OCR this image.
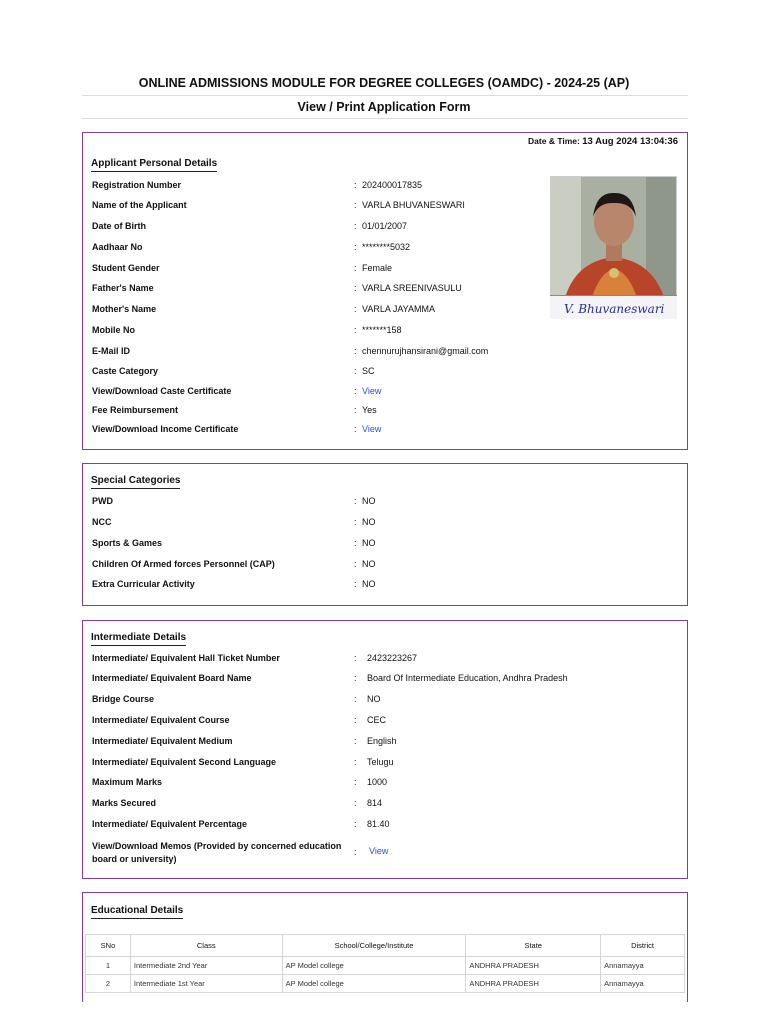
ONLINE ADMISSIONS MODULE FOR DEGREE COLLEGES (OAMDC) - 2024-25 (AP)
View / Print Application Form
Date & Time: 13 Aug 2024 13:04:36
Applicant Personal Details
Registration Number	: 202400017835
Name of the Applicant	: VARLA BHUVANESWARI
Date of Birth	: 01/01/2007
Aadhaar No	: ********5032
Student Gender	: Female
Father's Name	: VARLA SREENIVASULU
Mother's Name	: VARLA JAYAMMA
Mobile No	: *******158
E-Mail ID	: chennurujhansirani@gmail.com
Caste Category	: SC
View/Download Caste Certificate	: View
Fee Reimbursement	: Yes
View/Download Income Certificate	: View
V. Bhuvaneswari
Special Categories
PWD	: NO
NCC	: NO
Sports & Games	: NO
Children Of Armed forces Personnel (CAP)	: NO
Extra Curricular Activity	: NO
Intermediate Details
Intermediate/ Equivalent Hall Ticket Number	: 2423223267
Intermediate/ Equivalent Board Name	: Board Of Intermediate Education, Andhra Pradesh
Bridge Course	: NO
Intermediate/ Equivalent Course	: CEC
Intermediate/ Equivalent Medium	: English
Intermediate/ Equivalent Second Language	: Telugu
Maximum Marks	: 1000
Marks Secured	: 814
Intermediate/ Equivalent Percentage	: 81.40
View/Download Memos (Provided by concerned education board or university)
: View
Educational Details
SNo	Class	School/College/Institute	State	District
1	Intermediate 2nd Year	AP Model college	ANDHRA PRADESH	Annamayya
2	Intermediate 1st Year	AP Model college	ANDHRA PRADESH	Annamayya
